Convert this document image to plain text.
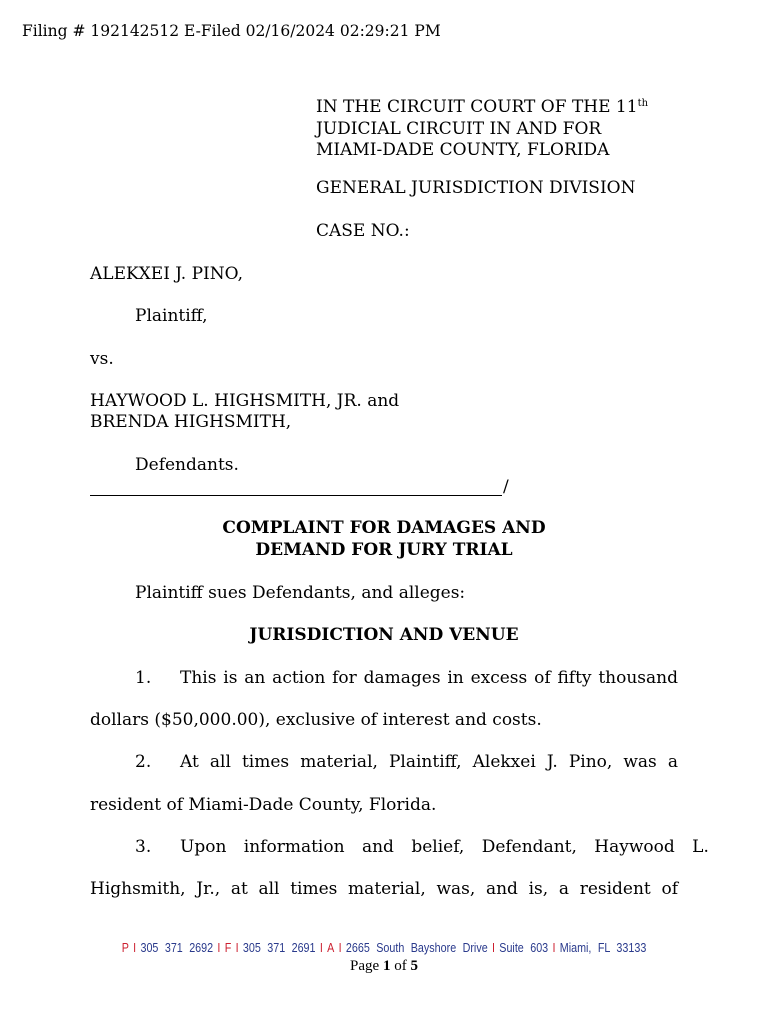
Filing # 192142512 E-Filed 02/16/2024 02:29:21 PM
IN THE CIRCUIT COURT OF THE 11th
JUDICIAL CIRCUIT IN AND FOR
MIAMI-DADE COUNTY, FLORIDA
GENERAL JURISDICTION DIVISION
CASE NO.:
ALEKXEI J. PINO,
Plaintiff,
vs.
HAYWOOD L. HIGHSMITH, JR. and
BRENDA HIGHSMITH,
Defendants.
/
COMPLAINT FOR DAMAGES AND
DEMAND FOR JURY TRIAL
Plaintiff sues Defendants, and alleges:
JURISDICTION AND VENUE
1. This is an action for damages in excess of fifty thousand
dollars ($50,000.00), exclusive of interest and costs.
2. At all times material, Plaintiff, Alekxei J. Pino, was a
resident of Miami-Dade County, Florida.
3. Upon information and belief, Defendant, Haywood L.
Highsmith, Jr., at all times material, was, and is, a resident of
P I 305 371 2692 I F I 305 371 2691 I A I 2665 South Bayshore Drive I Suite 603 I Miami, FL 33133
Page 1 of 5
